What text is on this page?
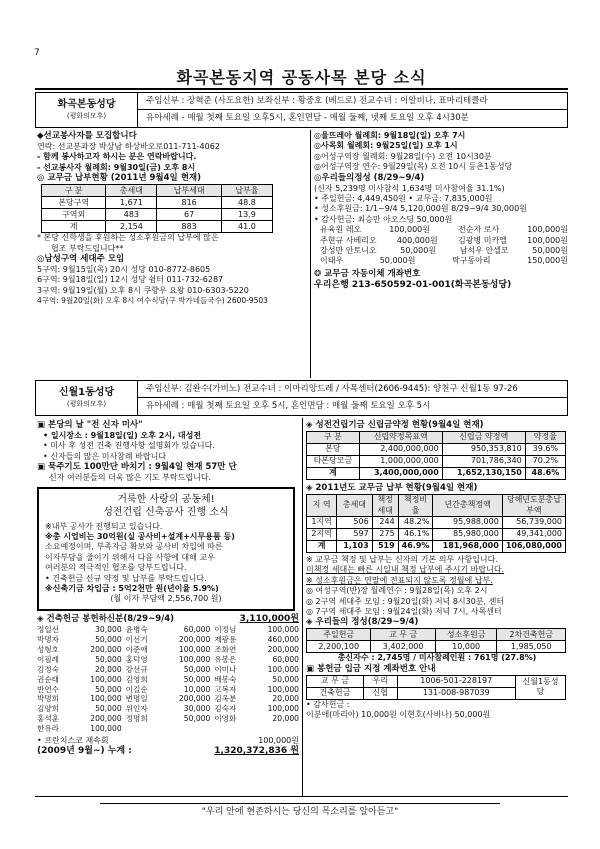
7
화곡본동지역 공동사목 본당 소식
화곡본동성당
(평화의모후)
주임신부 : 장혁준 (사도요한) 보좌신부 : 황중호 (베드로) 전교수녀 : 이알비나, 표마리테클라
유아세례 - 매월 첫째 토요일 오후5시, 혼인면담 - 매월 둘째, 넷째 토요일 오후 4시30분
◆선교봉사자를 모집합니다
연락: 선교분과장 박상남 하상바오로011-711-4062
- 함께 봉사하고자 하시는 분은 연락바랍니다.
- 선교봉사자 월례회: 9월30일(금) 오후 8시
◎ 교무금 납부현황 (2011년 9월4일 현재)
구 분	총세대	납부세대	납부율
본당구역	1,671	816	48.8
구역외	483	67	13.9
계	2,154	883	41.0
* 본당 신학생을 후원하는 성소후원금의 납부에 많은
협조 부탁드립니다**
◎남성구역 세대주 모임
5구역: 9월15일(목) 20시 성당 010-8772-8605
6구역: 9월18일(일) 12시 성당 쉼터 011-732-6287
3구역: 9월19일(월) 오후 8시 쿠향우 요왕 010-6303-5220
4구역: 9월20일(화) 오후 8시 여수식당(구 박가네들국수) 2600-9503
◎울뜨레아 월례회: 9월18일(일) 오후 7시
◎사목회 월례회: 9월25일(일) 오후 1시
◎어성구역장 월례회: 9월28일(수) 오전 10시30분
◎어성구역장 연수: 9월29일(목) 오전 10시 등촌1동성당
◎우리들의정성 (8/29~9/4)
(신자 5,239명 미사참석 1,634명 미사참여율 31.1%)
• 주일헌금: 4,449,450원 • 교무금: 7,835,000원
• 성소후원금: 1/1~9/4 5,120,000원 8/29~9/4 30,000원
• 감사헌금: 최승만 아오스딩 50,000원
유육원 레오	100,000원	전순자 로사	100,000원
주현규 사베리오	400,000원	김광병 미카엘	100,000원
강성만 안토니오	50,000원	남석우 안셀모	50,000원
이태우	50,000원	탁구동아리	150,000원
❂ 교무금 자동이체 개좌번호
우리은행 213-650592-01-001(화곡본동성당)
신월1동성당
(평화의모후)
주임신부: 김완수(가비노) 전교수녀 : 이마리앙드레 / 사목센터(2606-9445): 양천구 신월1동 97-26
유아세례 : 매월 첫째 토요일 오후 5시, 혼인면담 : 매월 둘째 토요일 오후 5시
▣ 본당의 날 "전 신자 미사"
• 일시장소 : 9월18일(일) 오후 2시, 대성전
• 미사 후 성전 건축 진행사항 설명회가 있습니다.
• 신자들의 많은 미사참례 바랍니다
▣ 묵주기도 100만단 바치기 : 9월4일 현재 57만 단
신자 여러분들의 더욱 많은 기도 부탁드립니다.
거룩한 사랑의 공동체!
성전건립 신축공사 진행 소식
※내부 공사가 진행되고 있습니다.
※총 시업비는 30억원(실 공사비+설계+시무용품 등)
소요예정이며, 부족자금 확보와 공사비 차입에 따른
이자부담을 줄이기 위해서 다음 사항에 대해 교우
여러분의 적극적인 협조를 당부드립니다.
• 건축헌금 신규 약정 및 납부를 부탁드립니다.
※신축기금 차입금 : 5억2천만 원(년이율 5.9%)
(월 이자 부담액 2,556,700 원)
◈ 건축헌금 봉헌하신분(8/29~9/4)	3,110,000원
정일선	30,000 윤병숙	60,000 이정님	100,000
박명자	50,000 이선기	200,000 제광용	460,000
성형호	200,000 이준애	100,000 조화연	200,000
이필례	50,000 홍덕영	100,000 유봉은	60,000
김정숙	20,000 강선규	50,000 이미나	100,000
권순태	100,000 김영희	50,000 배봉숙	50,000
반연수	50,000 이길순	10,000 고복자	100,000
박명희	100,000 변명일	200,000 김옥분	20,000
김양희	50,000 위인자	30,000 김숙자	100,000
홍석훈	200,000 정명희	50,000 이영화	20,000
한유라	100,000
• 프란치스코 재속회	100,000원
(2009년 9월~) 누계 :	1,320,372,836 원
◈ 성전건립기금 신립금약정 현황(9월4일 현재)
구 분	신립약정목표액	신립금 약정액	약정율
본당	2,400,000,000	950,353,810	39.6%
타본당모금	1,000,000,000	701,786,340	70.2%
계	3,400,000,000	1,652,130,150	48.6%
◈ 2011년도 교무금 납부 현황(9월4일 현재)
지 역	총세대	책정세대	책정비율	년간총책정액	당해년도분총납부액
1지역	506	244	48.2%	95,988,000	56,739,000
2지역	597	275	46.1%	85,980,000	49,341,000
계	1,103	519	46.9%	181,968,000	106,080,000
※ 교무금 책정 및 납부는 신자의 기본 의무 사항입니다.
미책정 세대는 빠른 시일내 책정 납부에 주시기 바랍니다.
※ 성소후원금은 연말에 전표되지 않도록 정월에 납부.
◎ 여성구역(반)장 월례연수 : 9월28일(목) 오후 2시
◎ 2구역 세대주 모임 : 9월20일(화) 저녁 8시30분, 센터
◎ 7구역 세대주 모임 : 9월24일(화) 저녁 7시, 사목센터
◈ 우리들의 정성(8/29~9/4)
주일헌금	교 무 금	성소후원금	2차건축헌금
2,200,100	3,402,000	10,000	1,985,050
총신자수 : 2,745명 / 미사참례인원 : 761명 (27.8%)
▣ 봉헌금 입금 지정 계좌번호 안내
교 무 금	우리	1006-501-228197	신월1동성당
건축헌금	신협	131-008-987039	
• 감사헌금 :
이분애(마리아) 10,000원 이현호(사비나) 50,000원
"우리 안에 현존하시는 당신의 목소리를 알아듣고"
